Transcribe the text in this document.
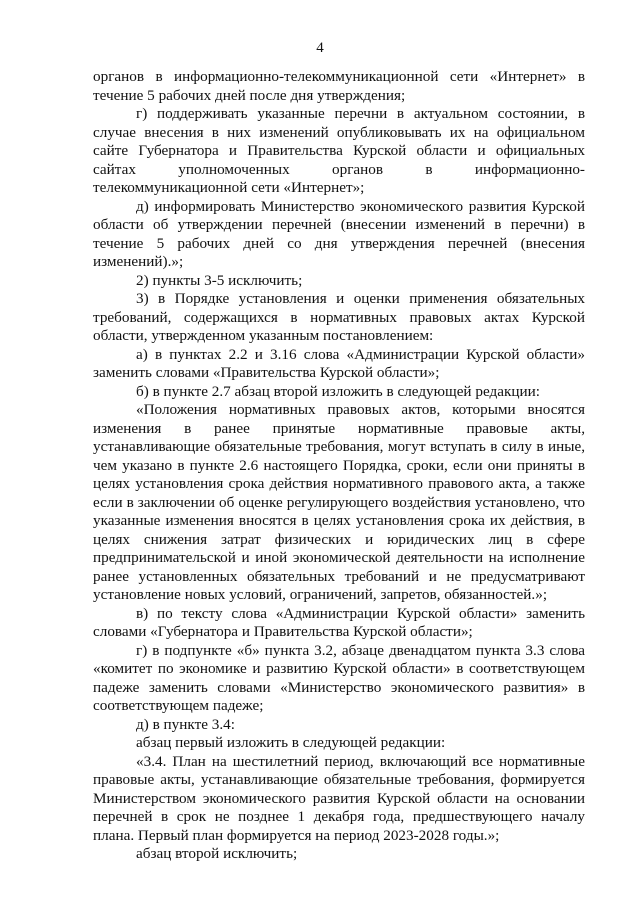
4

органов в информационно-телекоммуникационной сети «Интернет» в течение 5 рабочих дней после дня утверждения;

г) поддерживать указанные перечни в актуальном состоянии, в случае внесения в них изменений опубликовывать их на официальном сайте Губернатора и Правительства Курской области и официальных сайтах уполномоченных органов в информационно-телекоммуникационной сети «Интернет»;

д) информировать Министерство экономического развития Курской области об утверждении перечней (внесении изменений в перечни) в течение 5 рабочих дней со дня утверждения перечней (внесения изменений).»;

2) пункты 3-5 исключить;

3) в Порядке установления и оценки применения обязательных требований, содержащихся в нормативных правовых актах Курской области, утвержденном указанным постановлением:

а) в пунктах 2.2 и 3.16 слова «Администрации Курской области» заменить словами «Правительства Курской области»;

б) в пункте 2.7 абзац второй изложить в следующей редакции:

«Положения нормативных правовых актов, которыми вносятся изменения в ранее принятые нормативные правовые акты, устанавливающие обязательные требования, могут вступать в силу в иные, чем указано в пункте 2.6 настоящего Порядка, сроки, если они приняты в целях установления срока действия нормативного правового акта, а также если в заключении об оценке регулирующего воздействия установлено, что указанные изменения вносятся в целях установления срока их действия, в целях снижения затрат физических и юридических лиц в сфере предпринимательской и иной экономической деятельности на исполнение ранее установленных обязательных требований и не предусматривают установление новых условий, ограничений, запретов, обязанностей.»;

в) по тексту слова «Администрации Курской области» заменить словами «Губернатора и Правительства Курской области»;

г) в подпункте «б» пункта 3.2, абзаце двенадцатом пункта 3.3 слова «комитет по экономике и развитию Курской области» в соответствующем падеже заменить словами «Министерство экономического развития» в соответствующем падеже;

д) в пункте 3.4:

абзац первый изложить в следующей редакции:

«3.4. План на шестилетний период, включающий все нормативные правовые акты, устанавливающие обязательные требования, формируется Министерством экономического развития Курской области на основании перечней в срок не позднее 1 декабря года, предшествующего началу плана. Первый план формируется на период 2023-2028 годы.»;

абзац второй исключить;
